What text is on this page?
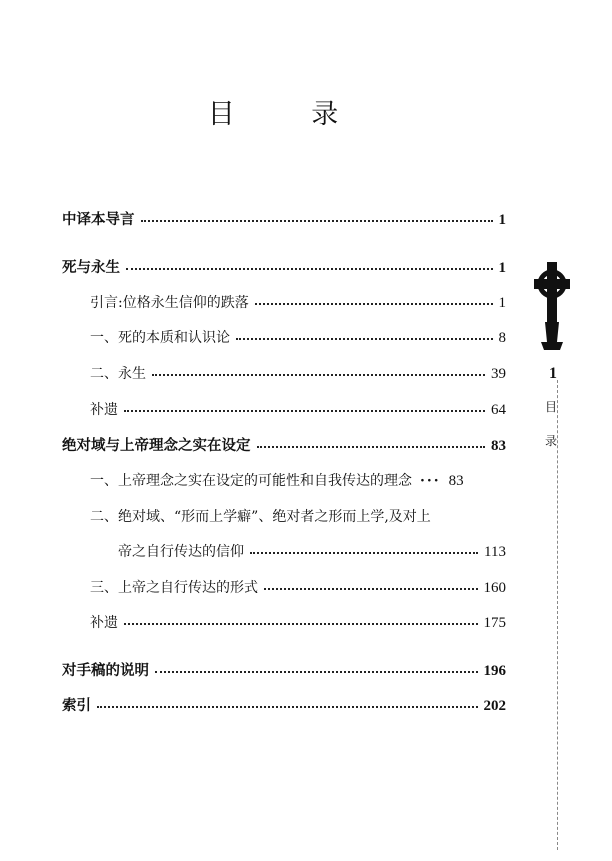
目 录
中译本导言	1
死与永生	1
引言:位格永生信仰的跌落	1
一、死的本质和认识论	8
二、永生	39
补遗	64
绝对域与上帝理念之实在设定	83
一、上帝理念之实在设定的可能性和自我传达的理念 ··· 83
二、绝对域、“形而上学癖”、绝对者之形而上学,及对上
帝之自行传达的信仰	113
三、上帝之自行传达的形式	160
补遗	175
对手稿的说明	196
索引	202
1
目
录
